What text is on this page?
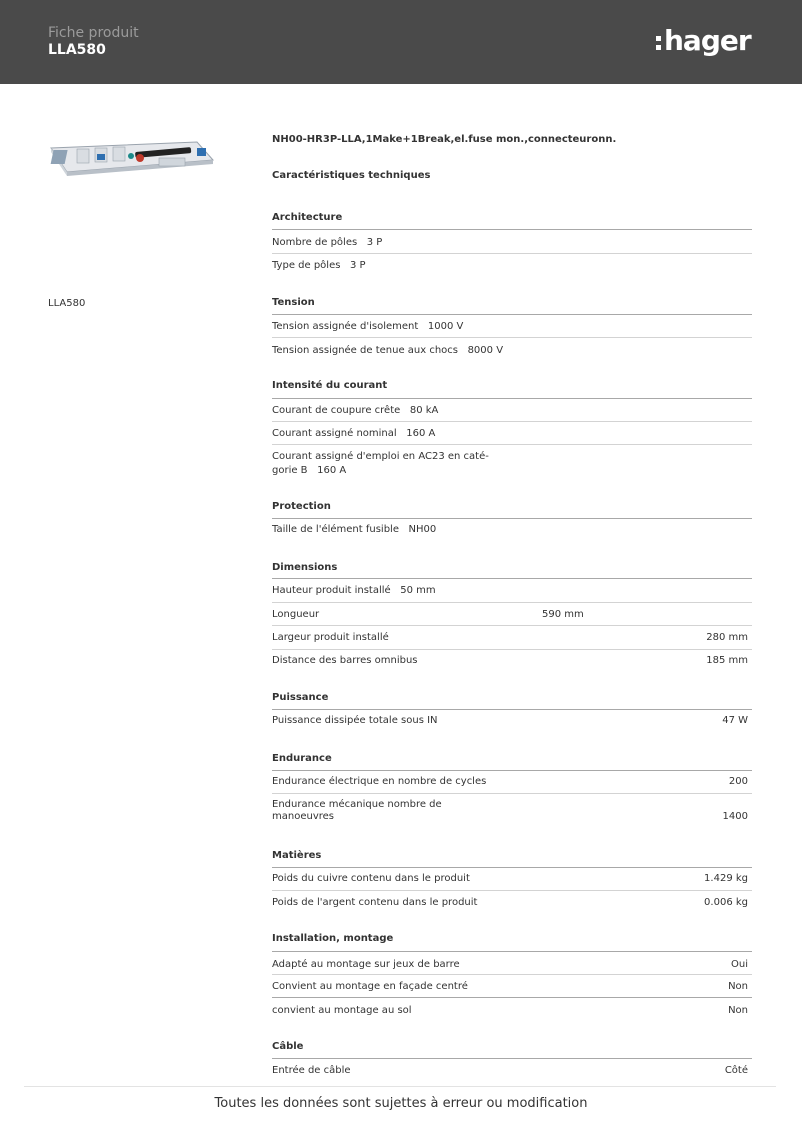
Fiche produit
LLA580	hager
LLA580
NH00-HR3P-LLA,1Make+1Break,el.fuse mon.,connecteuronn.
Caractéristiques techniques
Architecture
Nombre de pôles 3 P
Type de pôles 3 P
Tension
Tension assignée d'isolement 1000 V
Tension assignée de tenue aux chocs 8000 V
Intensité du courant
Courant de coupure crête 80 kA
Courant assigné nominal 160 A
Courant assigné d'emploi en AC23 en caté-
gorie B 160 A
Protection
Taille de l'élément fusible NH00
Dimensions
Hauteur produit installé 50 mm
Longueur	590 mm
Largeur produit installé	280 mm
Distance des barres omnibus	185 mm
Puissance
Puissance dissipée totale sous IN	47 W
Endurance
Endurance électrique en nombre de cycles	200
Endurance mécanique nombre de
manoeuvres	1400
Matières
Poids du cuivre contenu dans le produit	1.429 kg
Poids de l'argent contenu dans le produit	0.006 kg
Installation, montage
Adapté au montage sur jeux de barre	Oui
Convient au montage en façade centré	Non
convient au montage au sol	Non
Câble
Entrée de câble	Côté
Toutes les données sont sujettes à erreur ou modification
